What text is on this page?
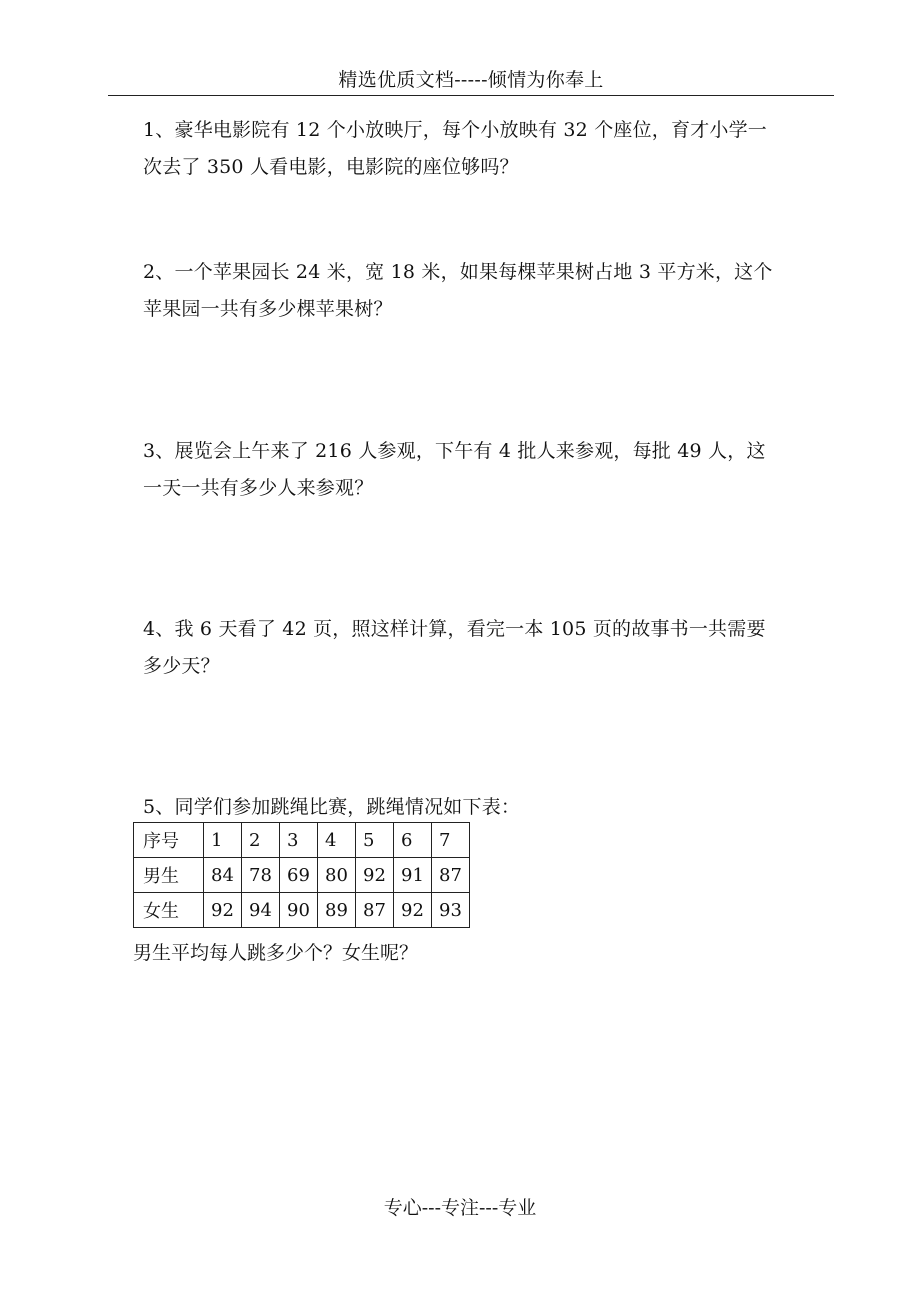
精选优质文档-----倾情为你奉上
1、豪华电影院有 12 个小放映厅，每个小放映有 32 个座位，育才小学一
次去了 350 人看电影，电影院的座位够吗？
2、一个苹果园长 24 米，宽 18 米，如果每棵苹果树占地 3 平方米，这个
苹果园一共有多少棵苹果树？
3、展览会上午来了 216 人参观，下午有 4 批人来参观，每批 49 人，这
一天一共有多少人来参观？
4、我 6 天看了 42 页，照这样计算，看完一本 105 页的故事书一共需要
多少天？
5、同学们参加跳绳比赛，跳绳情况如下表：
序号	1	2	3	4	5	6	7
男生	84	78	69	80	92	91	87
女生	92	94	90	89	87	92	93
男生平均每人跳多少个？女生呢？
专心---专注---专业
